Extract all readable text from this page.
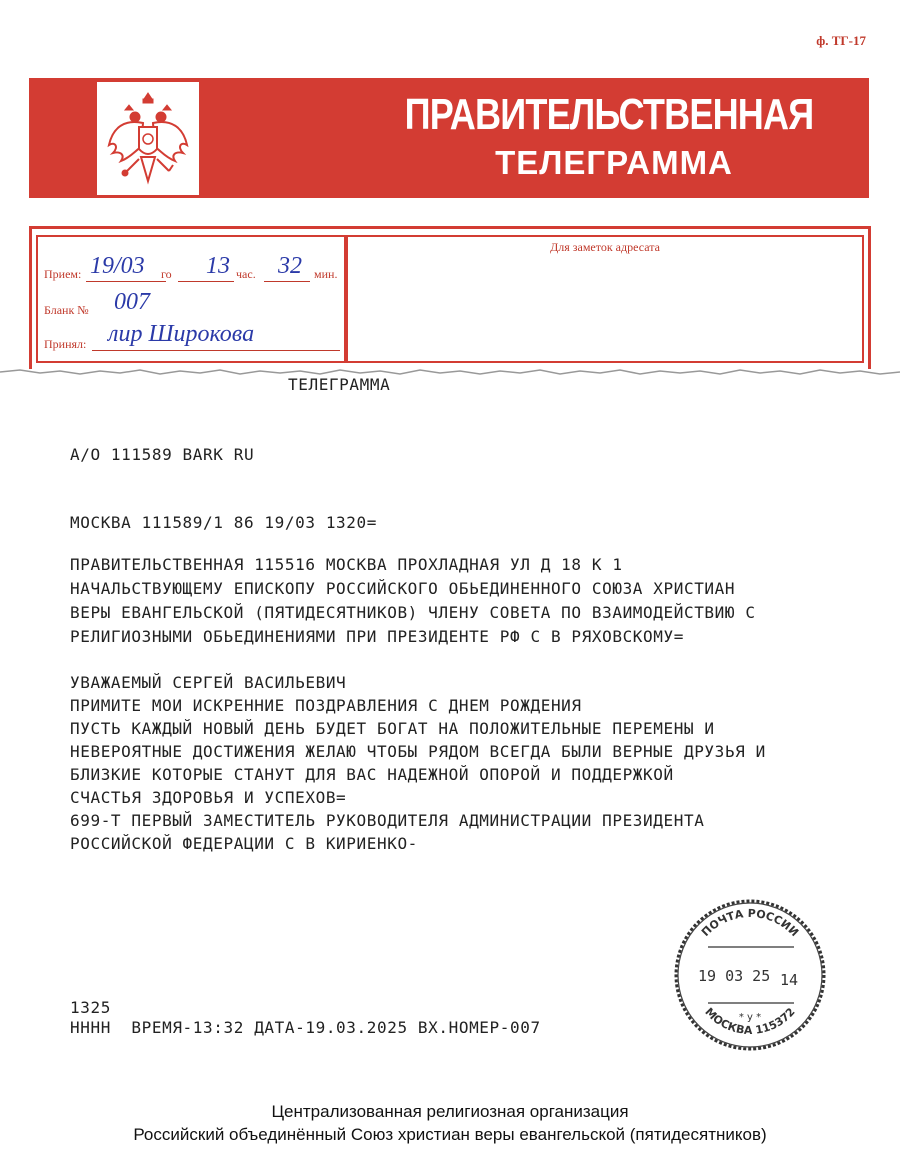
ф. ТГ-17
ПРАВИТЕЛЬСТВЕННАЯ
ТЕЛЕГРАММА
Прием: 19/03 го 13 час. 32 мин.
Бланк № 007
Принял: лир Широкова
Для заметок адресата
ТЕЛЕГРАММА
А/О 111589 BARK RU
МОСКВА 111589/1 86 19/03 1320=
ПРАВИТЕЛЬСТВЕННАЯ 115516 МОСКВА ПРОХЛАДНАЯ УЛ Д 18 К 1
НАЧАЛЬСТВУЮЩЕМУ ЕПИСКОПУ РОССИЙСКОГО ОБЬЕДИНЕННОГО СОЮЗА ХРИСТИАН
ВЕРЫ ЕВАНГЕЛЬСКОЙ (ПЯТИДЕСЯТНИКОВ) ЧЛЕНУ СОВЕТА ПО ВЗАИМОДЕЙСТВИЮ С
РЕЛИГИОЗНЫМИ ОБЬЕДИНЕНИЯМИ ПРИ ПРЕЗИДЕНТЕ РФ С В РЯХОВСКОМУ=
УВАЖАЕМЫЙ СЕРГЕЙ ВАСИЛЬЕВИЧ
ПРИМИТЕ МОИ ИСКРЕННИЕ ПОЗДРАВЛЕНИЯ С ДНЕМ РОЖДЕНИЯ
ПУСТЬ КАЖДЫЙ НОВЫЙ ДЕНЬ БУДЕТ БОГАТ НА ПОЛОЖИТЕЛЬНЫЕ ПЕРЕМЕНЫ И
НЕВЕРОЯТНЫЕ ДОСТИЖЕНИЯ ЖЕЛАЮ ЧТОБЫ РЯДОМ ВСЕГДА БЫЛИ ВЕРНЫЕ ДРУЗЬЯ И
БЛИЗКИЕ КОТОРЫЕ СТАНУТ ДЛЯ ВАС НАДЕЖНОЙ ОПОРОЙ И ПОДДЕРЖКОЙ
СЧАСТЬЯ ЗДОРОВЬЯ И УСПЕХОВ=
699-Т ПЕРВЫЙ ЗАМЕСТИТЕЛЬ РУКОВОДИТЕЛЯ АДМИНИСТРАЦИИ ПРЕЗИДЕНТА
РОССИЙСКОЙ ФЕДЕРАЦИИ С В КИРИЕНКО-
1325
НННН  ВРЕМЯ-13:32 ДАТА-19.03.2025 ВХ.НОМЕР-007
ПОЧТА РОССИИ
19 03 25 14
* у *
МОСКВА 115372
Централизованная религиозная организация
Российский объединённый Союз христиан веры евангельской (пятидесятников)
